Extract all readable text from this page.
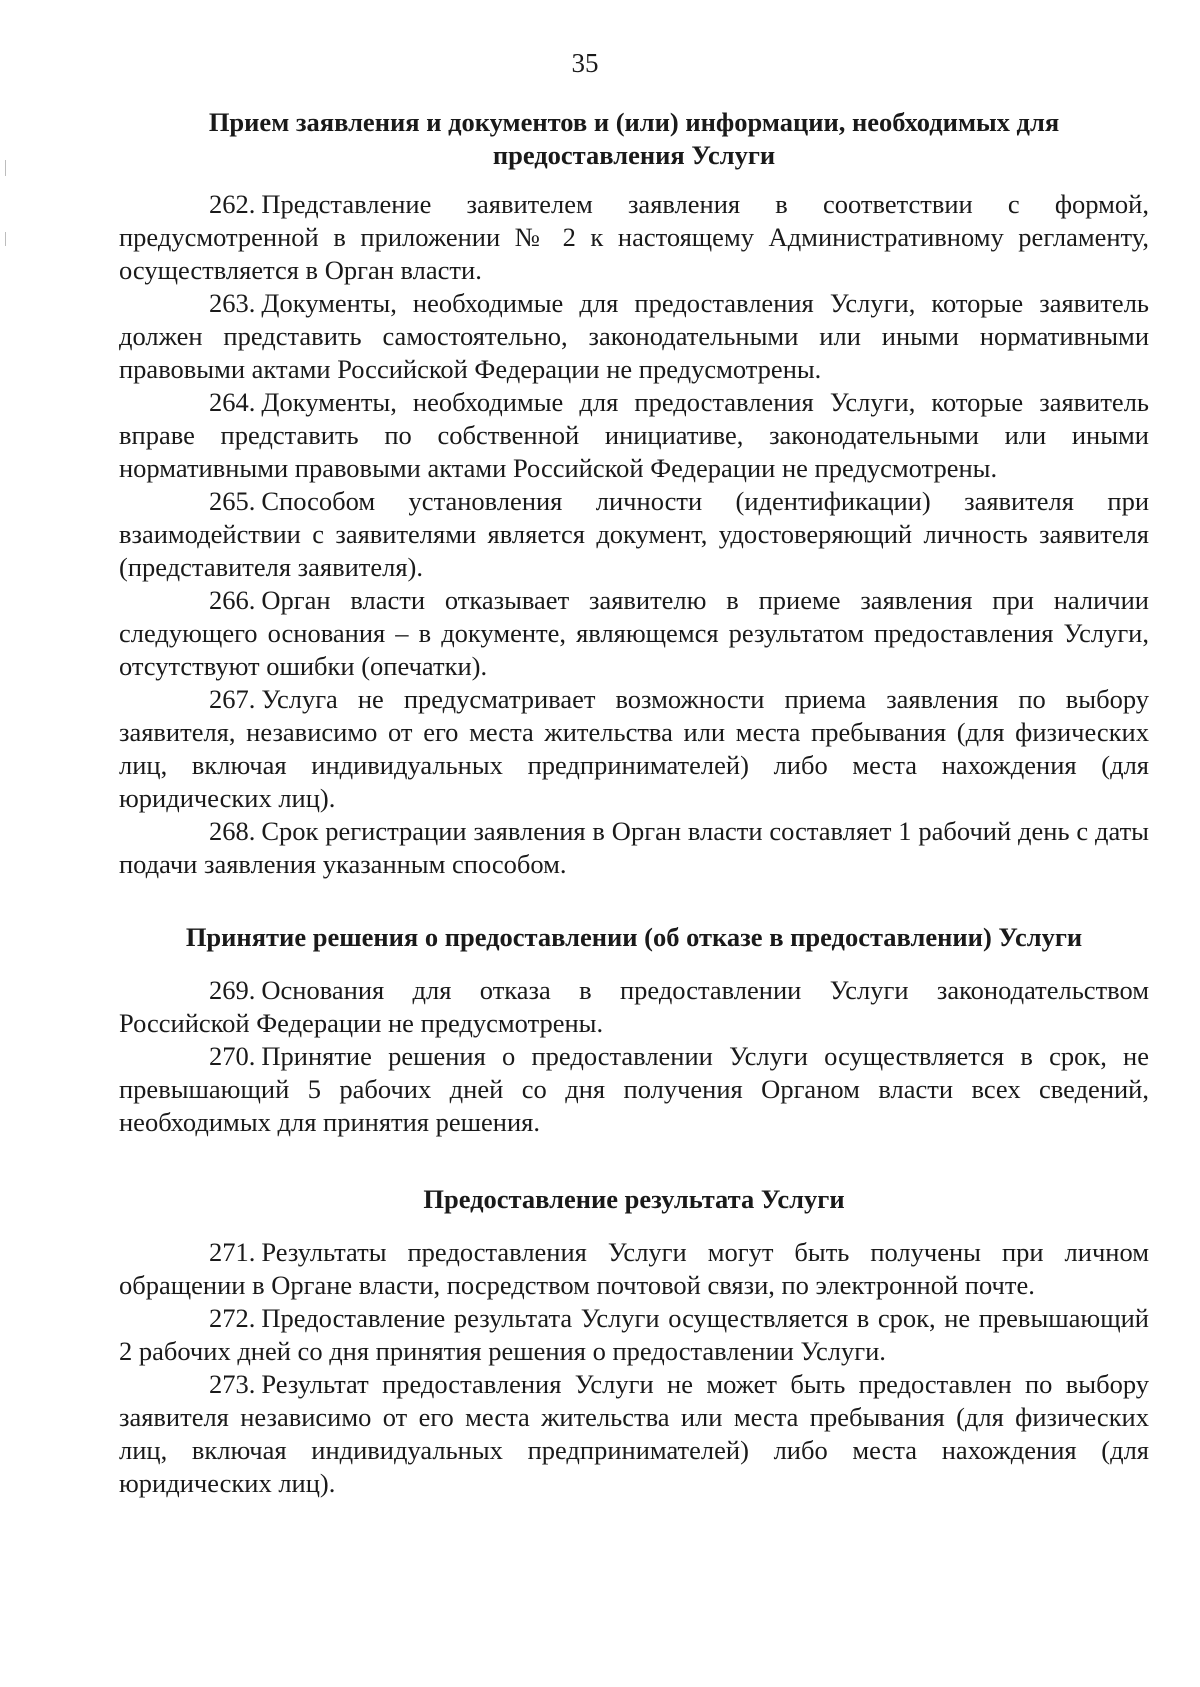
35

Прием заявления и документов и (или) информации, необходимых для предоставления Услуги

262. Представление заявителем заявления в соответствии с формой, предусмотренной в приложении № 2 к настоящему Административному регламенту, осуществляется в Орган власти.

263. Документы, необходимые для предоставления Услуги, которые заявитель должен представить самостоятельно, законодательными или иными нормативными правовыми актами Российской Федерации не предусмотрены.

264. Документы, необходимые для предоставления Услуги, которые заявитель вправе представить по собственной инициативе, законодательными или иными нормативными правовыми актами Российской Федерации не предусмотрены.

265. Способом установления личности (идентификации) заявителя при взаимодействии с заявителями является документ, удостоверяющий личность заявителя (представителя заявителя).

266. Орган власти отказывает заявителю в приеме заявления при наличии следующего основания – в документе, являющемся результатом предоставления Услуги, отсутствуют ошибки (опечатки).

267. Услуга не предусматривает возможности приема заявления по выбору заявителя, независимо от его места жительства или места пребывания (для физических лиц, включая индивидуальных предпринимателей) либо места нахождения (для юридических лиц).

268. Срок регистрации заявления в Орган власти составляет 1 рабочий день с даты подачи заявления указанным способом.

Принятие решения о предоставлении (об отказе в предоставлении) Услуги

269. Основания для отказа в предоставлении Услуги законодательством Российской Федерации не предусмотрены.

270. Принятие решения о предоставлении Услуги осуществляется в срок, не превышающий 5 рабочих дней со дня получения Органом власти всех сведений, необходимых для принятия решения.

Предоставление результата Услуги

271. Результаты предоставления Услуги могут быть получены при личном обращении в Органе власти, посредством почтовой связи, по электронной почте.

272. Предоставление результата Услуги осуществляется в срок, не превышающий 2 рабочих дней со дня принятия решения о предоставлении Услуги.

273. Результат предоставления Услуги не может быть предоставлен по выбору заявителя независимо от его места жительства или места пребывания (для физических лиц, включая индивидуальных предпринимателей) либо места нахождения (для юридических лиц).
